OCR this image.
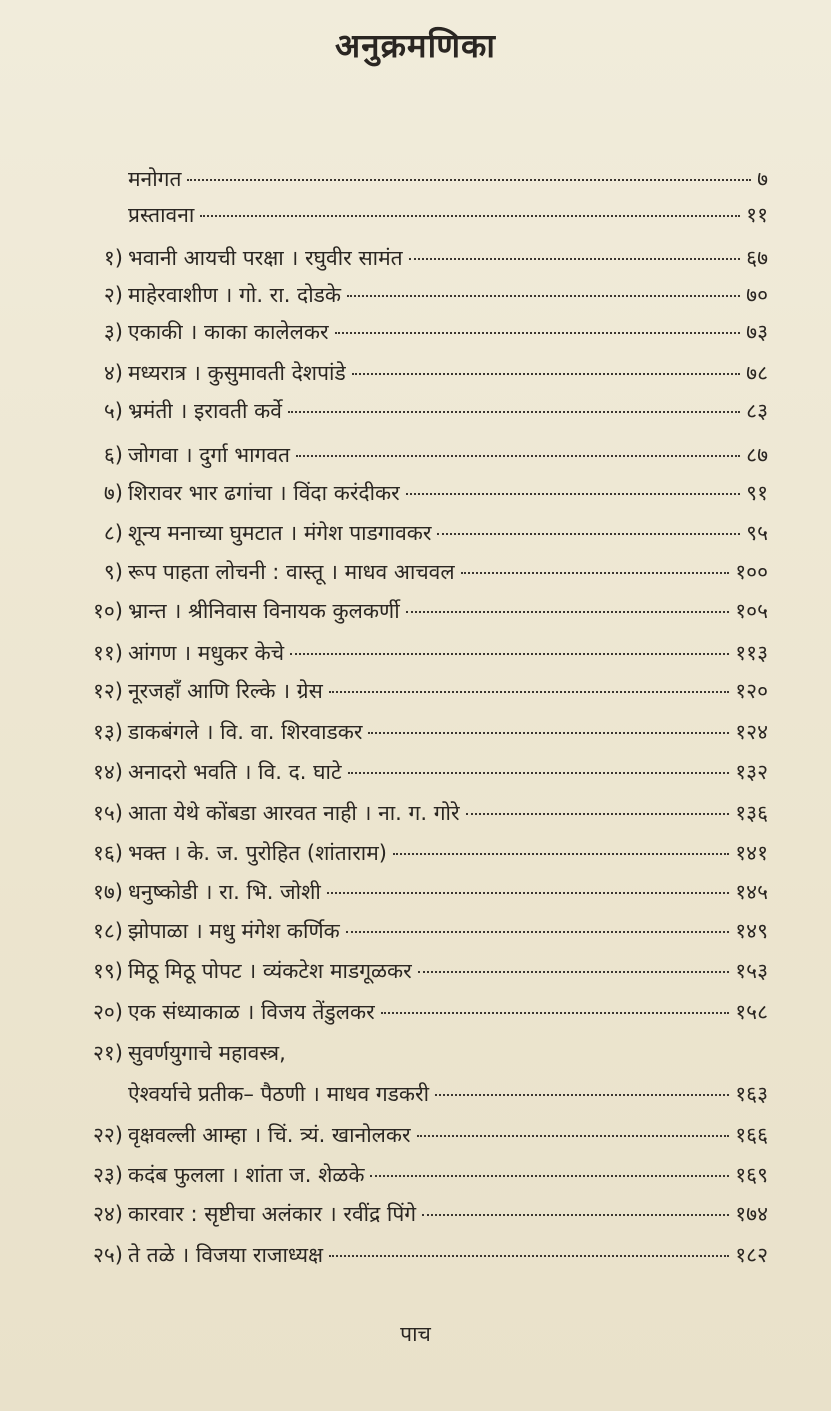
अनुक्रमणिका
मनोगत	७
प्रस्तावना	११
१) भवानी आयची परक्षा । रघुवीर सामंत	६७
२) माहेरवाशीण । गो. रा. दोडके	७०
३) एकाकी । काका कालेलकर	७३
४) मध्यरात्र । कुसुमावती देशपांडे	७८
५) भ्रमंती । इरावती कर्वे	८३
६) जोगवा । दुर्गा भागवत	८७
७) शिरावर भार ढगांचा । विंदा करंदीकर	९१
८) शून्य मनाच्या घुमटात । मंगेश पाडगावकर	९५
९) रूप पाहता लोचनी : वास्तू । माधव आचवल	१००
१०) भ्रान्त । श्रीनिवास विनायक कुलकर्णी	१०५
११) आंगण । मधुकर केचे	११३
१२) नूरजहाँ आणि रिल्के । ग्रेस	१२०
१३) डाकबंगले । वि. वा. शिरवाडकर	१२४
१४) अनादरो भवति । वि. द. घाटे	१३२
१५) आता येथे कोंबडा आरवत नाही । ना. ग. गोरे	१३६
१६) भक्त । के. ज. पुरोहित (शांताराम)	१४१
१७) धनुष्कोडी । रा. भि. जोशी	१४५
१८) झोपाळा । मधु मंगेश कर्णिक	१४९
१९) मिठू मिठू पोपट । व्यंकटेश माडगूळकर	१५३
२०) एक संध्याकाळ । विजय तेंडुलकर	१५८
२१) सुवर्णयुगाचे महावस्त्र,
ऐश्वर्याचे प्रतीक– पैठणी । माधव गडकरी	१६३
२२) वृक्षवल्ली आम्हा । चिं. त्र्यं. खानोलकर	१६६
२३) कदंब फुलला । शांता ज. शेळके	१६९
२४) कारवार : सृष्टीचा अलंकार । रवींद्र पिंगे	१७४
२५) ते तळे । विजया राजाध्यक्ष	१८२
पाच
